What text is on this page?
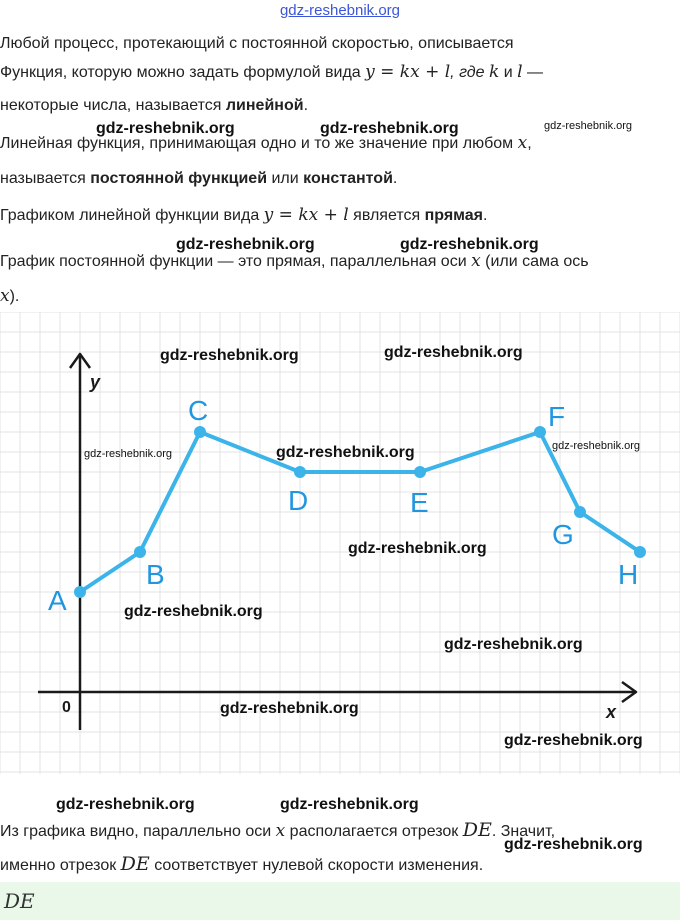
gdz-reshebnik.org

Любой процесс, протекающий с постоянной скоростью, описывается

Функция, которую можно задать формулой вида y = kx + l, где k и l —

некоторые числа, называется линейной.

Линейная функция, принимающая одно и то же значение при любом x,

называется постоянной функцией или константой.

Графиком линейной функции вида y = kx + l является прямая.

График постоянной функции — это прямая, параллельная оси x (или сама ось

x).

x
y
0
A
B
C
D	E
F
G
H

Из графика видно, параллельно оси x располагается отрезок DE. Значит,

именно отрезок DE соответствует нулевой скорости изменения.

DE
gdz-reshebnik.org	gdz-reshebnik.org	gdz-reshebnik.org
gdz-reshebnik.org	gdz-reshebnik.org
gdz-reshebnik.org	gdz-reshebnik.org
gdz-reshebnik.org	gdz-reshebnik.org	gdz-reshebnik.org
gdz-reshebnik.org
gdz-reshebnik.org
gdz-reshebnik.org
gdz-reshebnik.org
gdz-reshebnik.org
gdz-reshebnik.org	gdz-reshebnik.org
gdz-reshebnik.org
